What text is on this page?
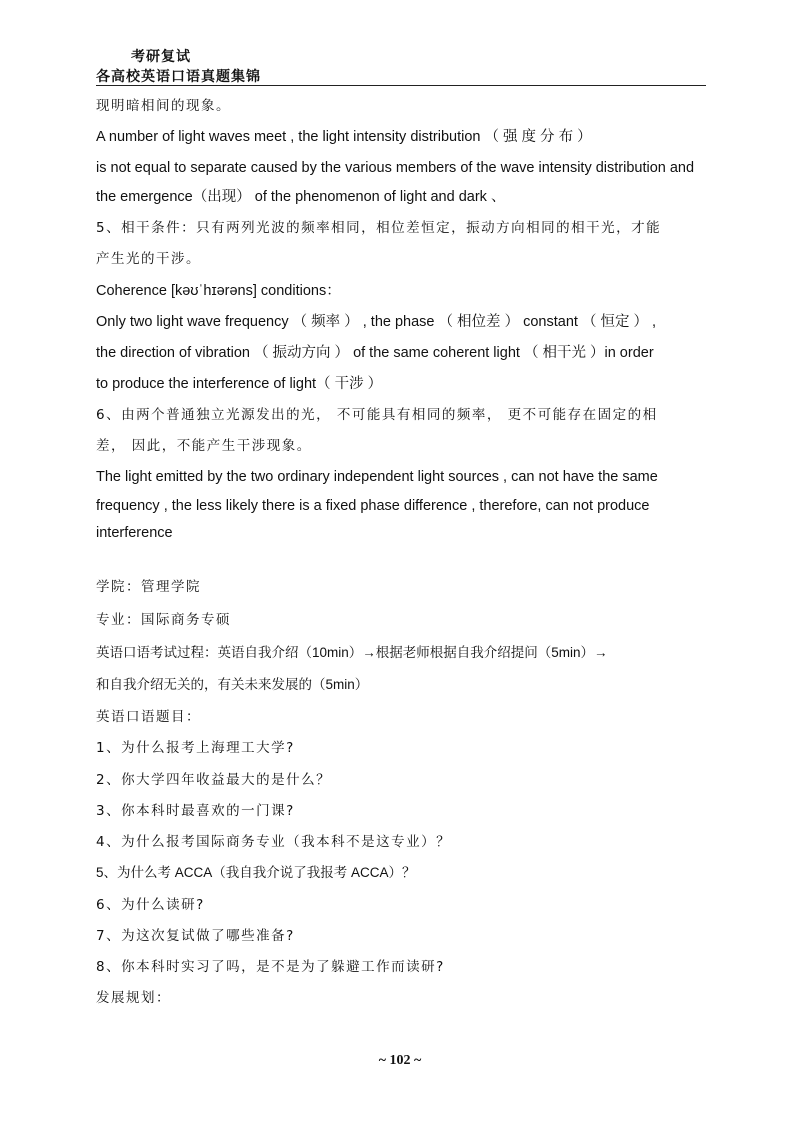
考研复试
各高校英语口语真题集锦
现明暗相间的现象。
A number of light waves meet , the light intensity distribution （ 强 度 分 布 ）
is not equal to separate caused by the various members of the wave intensity distribution and
the emergence（出现） of the phenomenon of light and dark 、
5、相干条件：只有两列光波的频率相同，相位差恒定，振动方向相同的相干光，才能
产生光的干涉。
Coherence [kəʊˈhɪərəns] conditions：
Only two light wave frequency （ 频率 ） , the phase （ 相位差 ） constant （ 恒定 ） ,
the direction of vibration （ 振动方向 ） of the same coherent light （ 相干光 ）in order
to produce the interference of light（ 干涉 ）
6、由两个普通独立光源发出的光， 不可能具有相同的频率， 更不可能存在固定的相
差， 因此，不能产生干涉现象。
The light emitted by the two ordinary independent light sources , can not have the same
frequency , the less likely there is a fixed phase difference , therefore, can not produce
interference
学院：管理学院
专业：国际商务专硕
英语口语考试过程：英语自我介绍（10min）→根据老师根据自我介绍提问（5min）→
和自我介绍无关的，有关未来发展的（5min）
英语口语题目：
1、为什么报考上海理工大学?
2、你大学四年收益最大的是什么？
3、你本科时最喜欢的一门课?
4、为什么报考国际商务专业（我本科不是这专业）？
5、为什么考 ACCA（我自我介说了我报考 ACCA）？
6、为什么读研?
7、为这次复试做了哪些准备?
8、你本科时实习了吗，是不是为了躲避工作而读研?
发展规划：
~ 102 ~
